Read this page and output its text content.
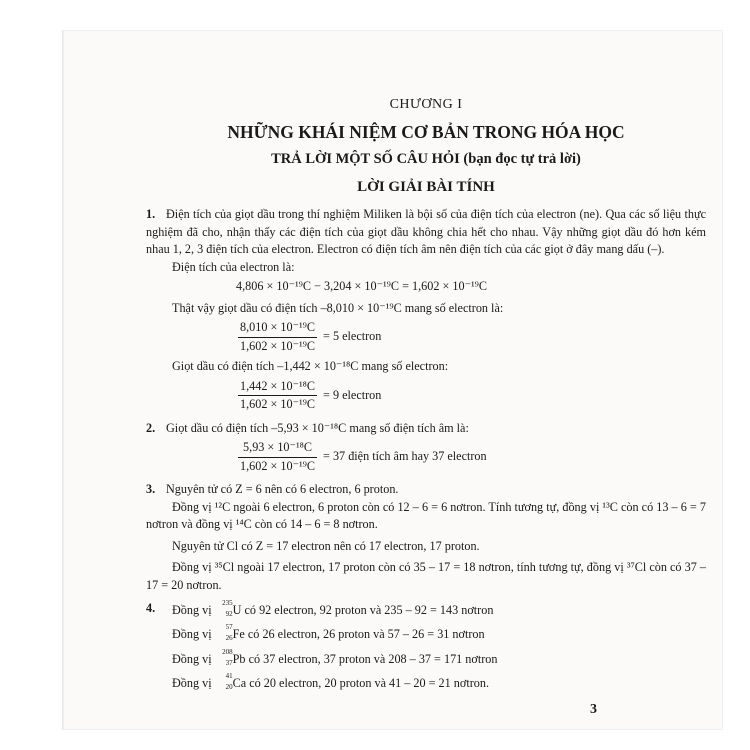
CHƯƠNG I

NHỮNG KHÁI NIỆM CƠ BẢN TRONG HÓA HỌC

TRẢ LỜI MỘT SỐ CÂU HỎI (bạn đọc tự trả lời)

LỜI GIẢI BÀI TÍNH

1. Điện tích của giọt dầu trong thí nghiệm Miliken là bội số của điện tích của electron (ne). Qua các số liệu thực nghiệm đã cho, nhận thấy các điện tích của giọt dầu không chia hết cho nhau. Vậy những giọt dầu đó hơn kém nhau 1, 2, 3 điện tích của electron. Electron có điện tích âm nên điện tích của các giọt ở đây mang dấu (–).

Điện tích của electron là:

4,806 × 10⁻¹⁹C − 3,204 × 10⁻¹⁹C = 1,602 × 10⁻¹⁹C

Thật vậy giọt dầu có điện tích –8,010 × 10⁻¹⁹C mang số electron là:

$\frac{\text{8,010 × 10⁻¹⁹C}}{\text{1,602 × 10⁻¹⁹C}} = 5$ electron

Giọt dầu có điện tích –1,442 × 10⁻¹⁸C mang số electron:

$\frac{\text{1,442 × 10⁻¹⁸C}}{\text{1,602 × 10⁻¹⁹C}} = 9$ electron

2. Giọt dầu có điện tích –5,93 × 10⁻¹⁸C mang số điện tích âm là:

$\frac{\text{5,93 × 10⁻¹⁸C}}{\text{1,602 × 10⁻¹⁹C}} = 37$ điện tích âm hay 37 electron

3. Nguyên tử có Z = 6 nên có 6 electron, 6 proton.

Đồng vị ¹²C ngoài 6 electron, 6 proton còn có 12 – 6 = 6 nơtron. Tính tương tự, đồng vị ¹³C còn có 13 – 6 = 7 nơtron và đồng vị ¹⁴C còn có 14 – 6 = 8 nơtron.

Nguyên tử Cl có Z = 17 electron nên có 17 electron, 17 proton.

Đồng vị ³⁵Cl ngoài 17 electron, 17 proton còn có 35 – 17 = 18 nơtron, tính tương tự, đồng vị ³⁷Cl còn có 37 – 17 = 20 nơtron.

4. Đồng vị 235
92 U có 92 electron, 92 proton và 235 – 92 = 143 nơtron

Đồng vị 57
26 Fe có 26 electron, 26 proton và 57 – 26 = 31 nơtron

Đồng vị 208
37 Pb có 37 electron, 37 proton và 208 – 37 = 171 nơtron

Đồng vị 41
20 Ca có 20 electron, 20 proton và 41 – 20 = 21 nơtron.

3
